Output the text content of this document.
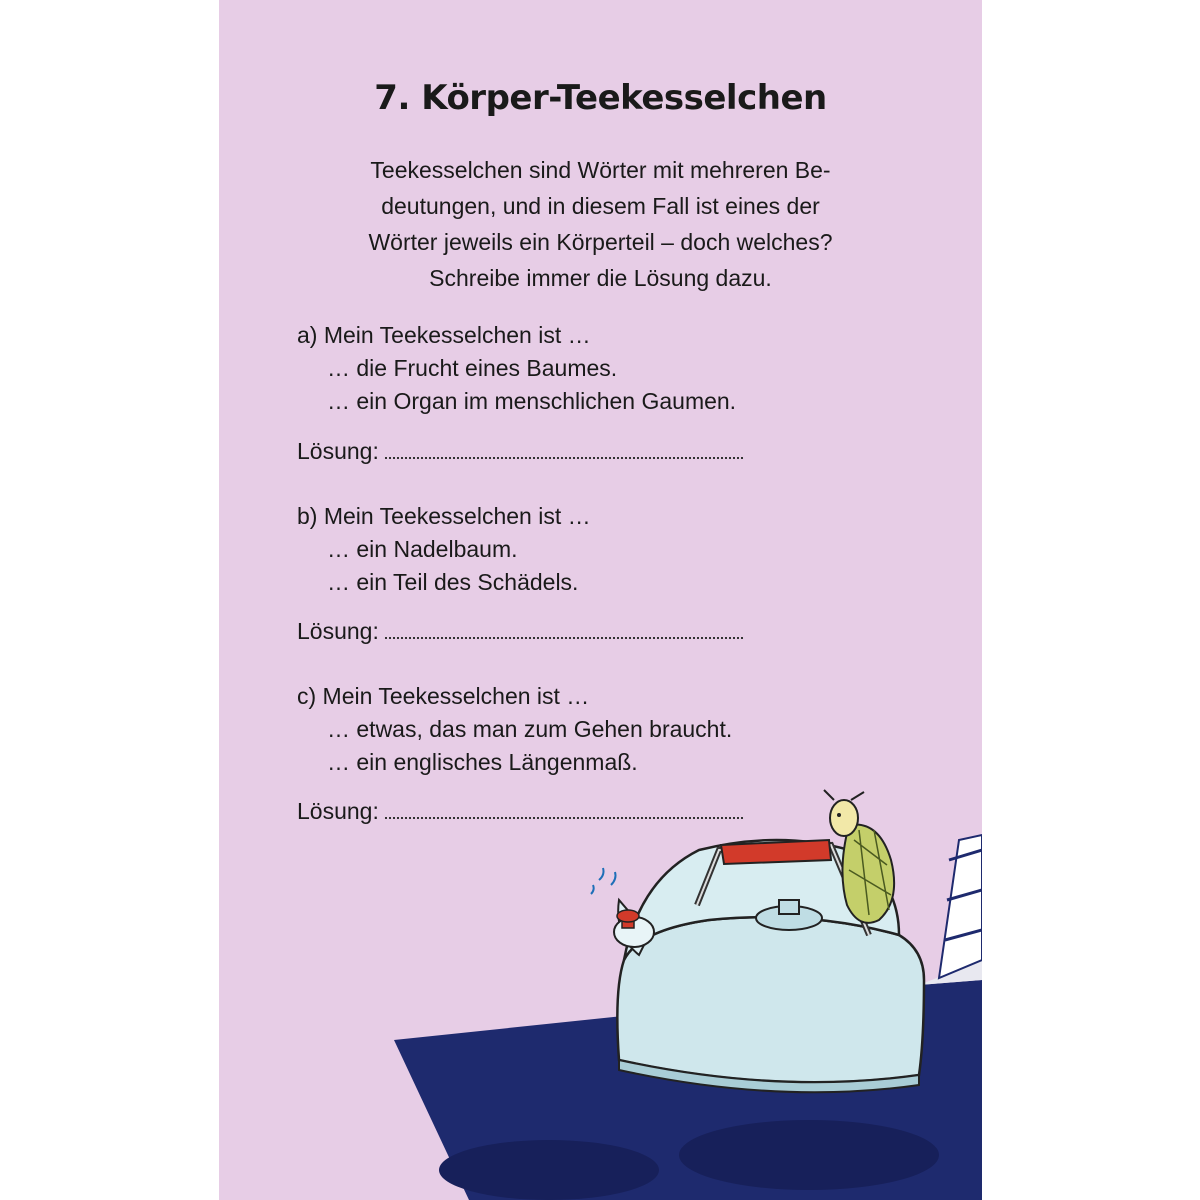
7. Körper-Teekesselchen

Teekesselchen sind Wörter mit mehreren Be-
deutungen, und in diesem Fall ist eines der
Wörter jeweils ein Körperteil – doch welches?
Schreibe immer die Lösung dazu.

a) Mein Teekesselchen ist …
… die Frucht eines Baumes.
… ein Organ im menschlichen Gaumen.
Lösung:
b) Mein Teekesselchen ist …
… ein Nadelbaum.
… ein Teil des Schädels.
Lösung:
c) Mein Teekesselchen ist …
… etwas, das man zum Gehen braucht.
… ein englisches Längenmaß.
Lösung:
